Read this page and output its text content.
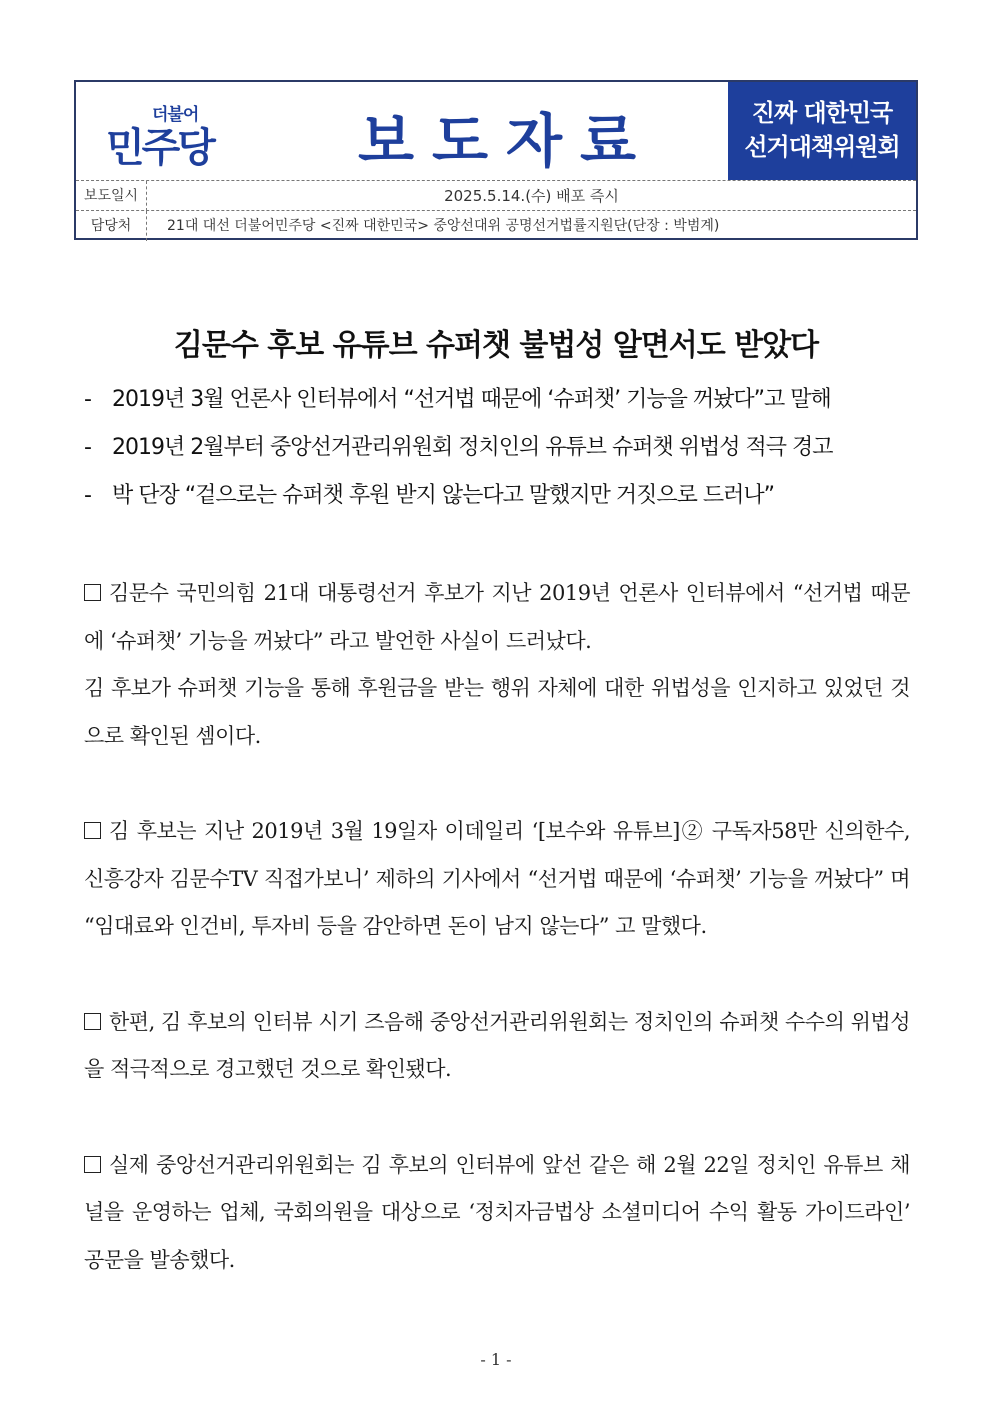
더불어
민주당	보도자료	진짜 대한민국
선거대책위원회
보도일시	2025.5.14.(수) 배포 즉시
담당처	21대 대선 더불어민주당 <진짜 대한민국> 중앙선대위 공명선거법률지원단(단장 : 박범계)
김문수 후보 유튜브 슈퍼챗 불법성 알면서도 받았다
- 2019년 3월 언론사 인터뷰에서 “선거법 때문에 ‘슈퍼챗’ 기능을 꺼놨다”고 말해
- 2019년 2월부터 중앙선거관리위원회 정치인의 유튜브 슈퍼챗 위법성 적극 경고
- 박 단장 “겉으로는 슈퍼챗 후원 받지 않는다고 말했지만 거짓으로 드러나”

김문수 국민의힘 21대 대통령선거 후보가 지난 2019년 언론사 인터뷰에서 “선거법 때문에 ‘슈퍼챗’ 기능을 꺼놨다” 라고 발언한 사실이 드러났다.
김 후보가 슈퍼챗 기능을 통해 후원금을 받는 행위 자체에 대한 위법성을 인지하고 있었던 것으로 확인된 셈이다.

김 후보는 지난 2019년 3월 19일자 이데일리 ‘[보수와 유튜브]② 구독자58만 신의한수, 신흥강자 김문수TV 직접가보니’ 제하의 기사에서 “선거법 때문에 ‘슈퍼챗’ 기능을 꺼놨다” 며 “임대료와 인건비, 투자비 등을 감안하면 돈이 남지 않는다” 고 말했다.

한편, 김 후보의 인터뷰 시기 즈음해 중앙선거관리위원회는 정치인의 슈퍼챗 수수의 위법성을 적극적으로 경고했던 것으로 확인됐다.

실제 중앙선거관리위원회는 김 후보의 인터뷰에 앞선 같은 해 2월 22일 정치인 유튜브 채널을 운영하는 업체, 국회의원을 대상으로 ‘정치자금법상 소셜미디어 수익 활동 가이드라인’ 공문을 발송했다.

- 1 -
